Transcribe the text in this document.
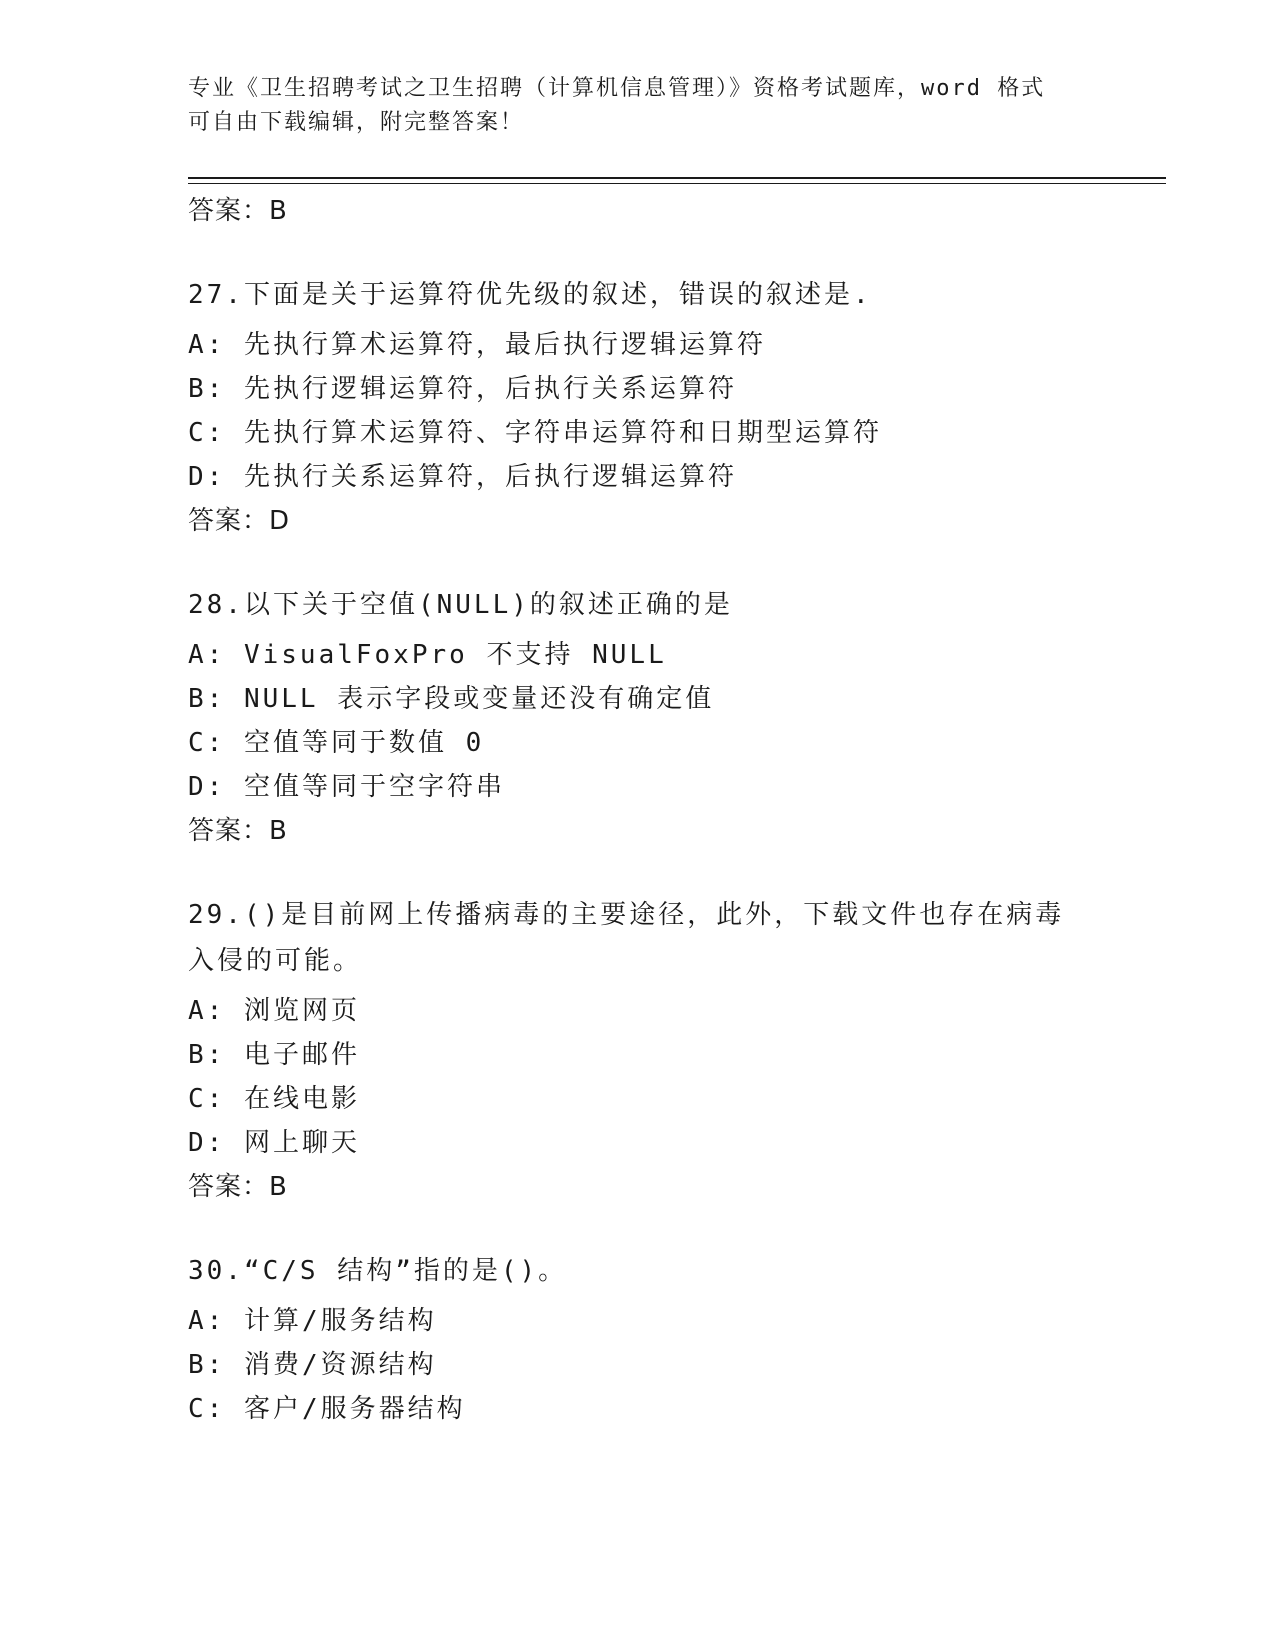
专业《卫生招聘考试之卫生招聘（计算机信息管理）》资格考试题库，word 格式
可自由下载编辑，附完整答案！
答案：B
27.下面是关于运算符优先级的叙述，错误的叙述是.
A: 先执行算术运算符，最后执行逻辑运算符
B: 先执行逻辑运算符，后执行关系运算符
C: 先执行算术运算符、字符串运算符和日期型运算符
D: 先执行关系运算符，后执行逻辑运算符
答案：D
28.以下关于空值(NULL)的叙述正确的是
A: VisualFoxPro 不支持 NULL
B: NULL 表示字段或变量还没有确定值
C: 空值等同于数值 0
D: 空值等同于空字符串
答案：B
29.()是目前网上传播病毒的主要途径，此外，下载文件也存在病毒入侵的可能。
A: 浏览网页
B: 电子邮件
C: 在线电影
D: 网上聊天
答案：B
30.“C/S 结构”指的是()。
A: 计算/服务结构
B: 消费/资源结构
C: 客户/服务器结构
